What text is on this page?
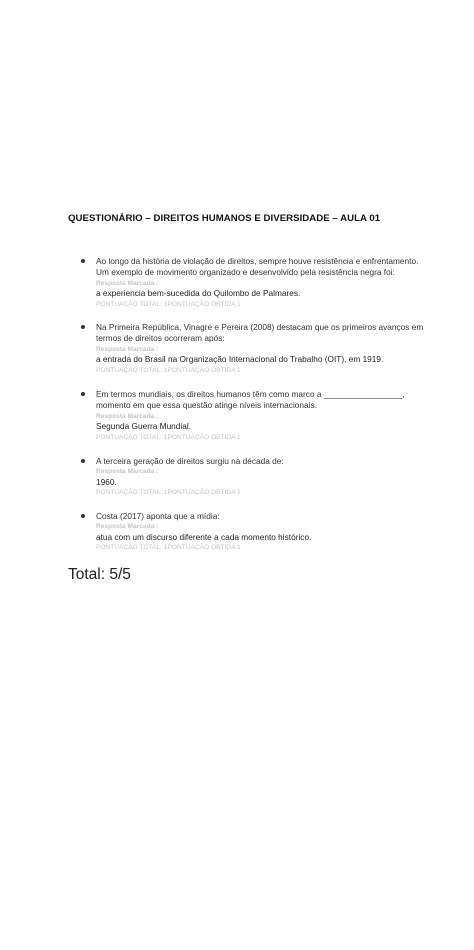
QUESTIONÁRIO – DIREITOS HUMANOS E DIVERSIDADE – AULA 01

Ao longo da história de violação de direitos, sempre houve resistência e enfrentamento.
Um exemplo de movimento organizado e desenvolvido pela resistência negra foi:

Resposta Marcada :

a experiencia bem-sucedida do Quilombo de Palmares.

PONTUAÇÃO TOTAL: 1PONTUAÇÃO OBTIDA 1

Na Primeira República, Vinagre e Pereira (2008) destacam que os primeiros avanços em
termos de direitos ocorreram após:

Resposta Marcada :

a entrada do Brasil na Organização Internacional do Trabalho (OIT), em 1919.

PONTUAÇÃO TOTAL: 1PONTUAÇÃO OBTIDA 1

Em termos mundiais, os direitos humanos têm como marco a _________________,
momento em que essa questão atinge níveis internacionais.

Resposta Marcada :

Segunda Guerra Mundial.

PONTUAÇÃO TOTAL: 1PONTUAÇÃO OBTIDA 1

A terceira geração de direitos surgiu na década de:

Resposta Marcada :

1960.

PONTUAÇÃO TOTAL: 1PONTUAÇÃO OBTIDA 1

Costa (2017) aponta que a mídia:

Resposta Marcada :

atua com um discurso diferente a cada momento histórico.

PONTUAÇÃO TOTAL: 1PONTUAÇÃO OBTIDA 1

Total: 5/5
